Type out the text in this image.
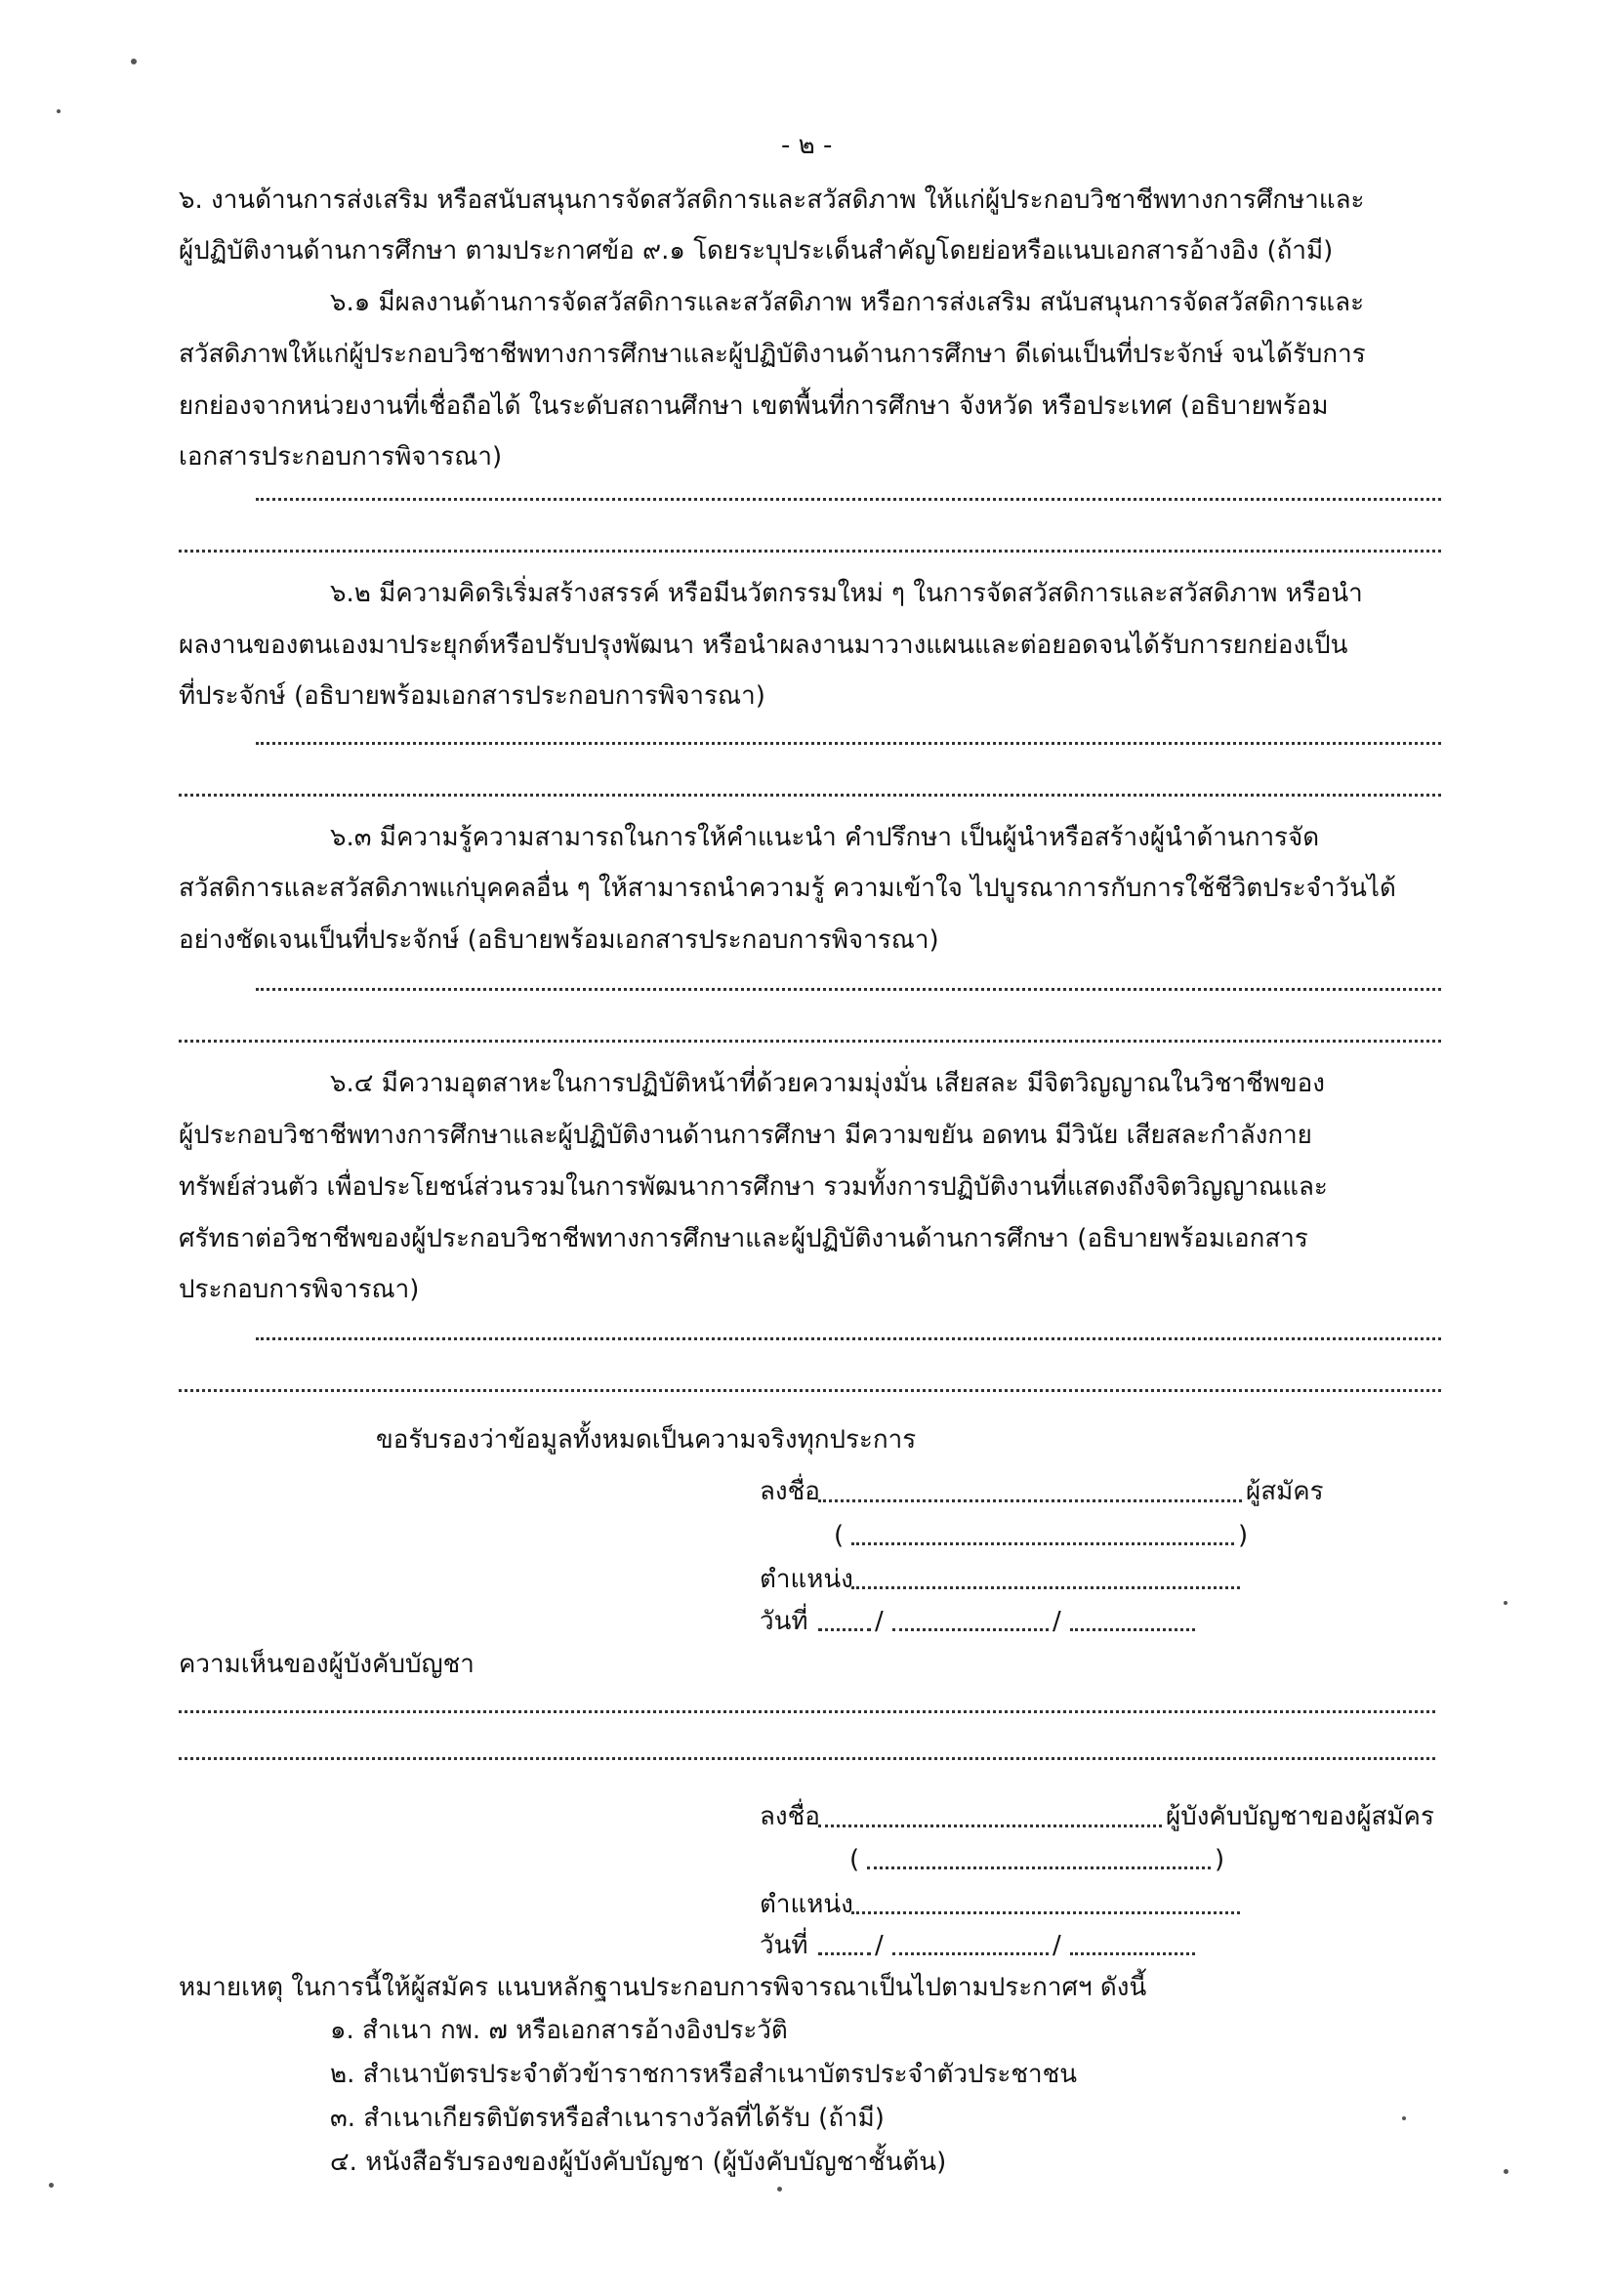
- ๒ -
๖. งานด้านการส่งเสริม หรือสนับสนุนการจัดสวัสดิการและสวัสดิภาพ ให้แก่ผู้ประกอบวิชาชีพทางการศึกษาและ
ผู้ปฏิบัติงานด้านการศึกษา ตามประกาศข้อ ๙.๑ โดยระบุประเด็นสำคัญโดยย่อหรือแนบเอกสารอ้างอิง (ถ้ามี)
๖.๑ มีผลงานด้านการจัดสวัสดิการและสวัสดิภาพ หรือการส่งเสริม สนับสนุนการจัดสวัสดิการและ
สวัสดิภาพให้แก่ผู้ประกอบวิชาชีพทางการศึกษาและผู้ปฏิบัติงานด้านการศึกษา ดีเด่นเป็นที่ประจักษ์ จนได้รับการ
ยกย่องจากหน่วยงานที่เชื่อถือได้ ในระดับสถานศึกษา เขตพื้นที่การศึกษา จังหวัด หรือประเทศ (อธิบายพร้อม
เอกสารประกอบการพิจารณา)
๖.๒ มีความคิดริเริ่มสร้างสรรค์ หรือมีนวัตกรรมใหม่ ๆ ในการจัดสวัสดิการและสวัสดิภาพ หรือนำ
ผลงานของตนเองมาประยุกต์หรือปรับปรุงพัฒนา หรือนำผลงานมาวางแผนและต่อยอดจนได้รับการยกย่องเป็น
ที่ประจักษ์ (อธิบายพร้อมเอกสารประกอบการพิจารณา)
๖.๓ มีความรู้ความสามารถในการให้คำแนะนำ คำปรึกษา เป็นผู้นำหรือสร้างผู้นำด้านการจัด
สวัสดิการและสวัสดิภาพแก่บุคคลอื่น ๆ ให้สามารถนำความรู้ ความเข้าใจ ไปบูรณาการกับการใช้ชีวิตประจำวันได้
อย่างชัดเจนเป็นที่ประจักษ์ (อธิบายพร้อมเอกสารประกอบการพิจารณา)
๖.๔ มีความอุตสาหะในการปฏิบัติหน้าที่ด้วยความมุ่งมั่น เสียสละ มีจิตวิญญาณในวิชาชีพของ
ผู้ประกอบวิชาชีพทางการศึกษาและผู้ปฏิบัติงานด้านการศึกษา มีความขยัน อดทน มีวินัย เสียสละกำลังกาย
ทรัพย์ส่วนตัว เพื่อประโยชน์ส่วนรวมในการพัฒนาการศึกษา รวมทั้งการปฏิบัติงานที่แสดงถึงจิตวิญญาณและ
ศรัทธาต่อวิชาชีพของผู้ประกอบวิชาชีพทางการศึกษาและผู้ปฏิบัติงานด้านการศึกษา (อธิบายพร้อมเอกสาร
ประกอบการพิจารณา)
ขอรับรองว่าข้อมูลทั้งหมดเป็นความจริงทุกประการ
ลงชื่อ	ผู้สมัคร
(	)
ตำแหน่ง
วันที่	/	/
ความเห็นของผู้บังคับบัญชา
ลงชื่อ	ผู้บังคับบัญชาของผู้สมัคร
(	)
ตำแหน่ง
วันที่	/	/
หมายเหตุ ในการนี้ให้ผู้สมัคร แนบหลักฐานประกอบการพิจารณาเป็นไปตามประกาศฯ ดังนี้
๑. สำเนา กพ. ๗ หรือเอกสารอ้างอิงประวัติ
๒. สำเนาบัตรประจำตัวข้าราชการหรือสำเนาบัตรประจำตัวประชาชน
๓. สำเนาเกียรติบัตรหรือสำเนารางวัลที่ได้รับ (ถ้ามี)
๔. หนังสือรับรองของผู้บังคับบัญชา (ผู้บังคับบัญชาชั้นต้น)
